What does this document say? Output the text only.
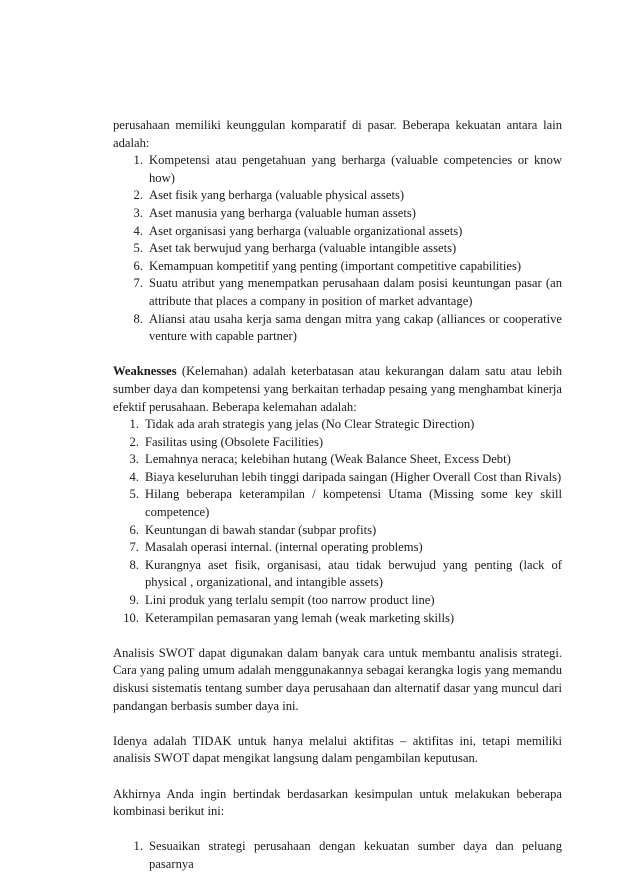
perusahaan memiliki keunggulan komparatif di pasar. Beberapa kekuatan antara lain adalah:

1. Kompetensi atau pengetahuan yang berharga (valuable competencies or know how)
2. Aset fisik yang berharga (valuable physical assets)
3. Aset manusia yang berharga (valuable human assets)
4. Aset organisasi yang berharga (valuable organizational assets)
5. Aset tak berwujud yang berharga (valuable intangible assets)
6. Kemampuan kompetitif yang penting (important competitive capabilities)
7. Suatu atribut yang menempatkan perusahaan dalam posisi keuntungan pasar (an attribute that places a company in position of market advantage)
8. Aliansi atau usaha kerja sama dengan mitra yang cakap (alliances or cooperative venture with capable partner)

Weaknesses (Kelemahan) adalah keterbatasan atau kekurangan dalam satu atau lebih sumber daya dan kompetensi yang berkaitan terhadap pesaing yang menghambat kinerja efektif perusahaan. Beberapa kelemahan adalah:

1. Tidak ada arah strategis yang jelas (No Clear Strategic Direction)
2. Fasilitas using (Obsolete Facilities)
3. Lemahnya neraca; kelebihan hutang (Weak Balance Sheet, Excess Debt)
4. Biaya keseluruhan lebih tinggi daripada saingan (Higher Overall Cost than Rivals)
5. Hilang beberapa keterampilan / kompetensi Utama (Missing some key skill competence)
6. Keuntungan di bawah standar (subpar profits)
7. Masalah operasi internal. (internal operating problems)
8. Kurangnya aset fisik, organisasi, atau tidak berwujud yang penting (lack of physical , organizational, and intangible assets)
9. Lini produk yang terlalu sempit (too narrow product line)
10. Keterampilan pemasaran yang lemah (weak marketing skills)

Analisis SWOT dapat digunakan dalam banyak cara untuk membantu analisis strategi. Cara yang paling umum adalah menggunakannya sebagai kerangka logis yang memandu diskusi sistematis tentang sumber daya perusahaan dan alternatif dasar yang muncul dari pandangan berbasis sumber daya ini.

Idenya adalah TIDAK untuk hanya melalui aktifitas – aktifitas ini, tetapi memiliki analisis SWOT dapat mengikat langsung dalam pengambilan keputusan.

Akhirnya Anda ingin bertindak berdasarkan kesimpulan untuk melakukan beberapa kombinasi berikut ini:

1. Sesuaikan strategi perusahaan dengan kekuatan sumber daya dan peluang pasarnya
